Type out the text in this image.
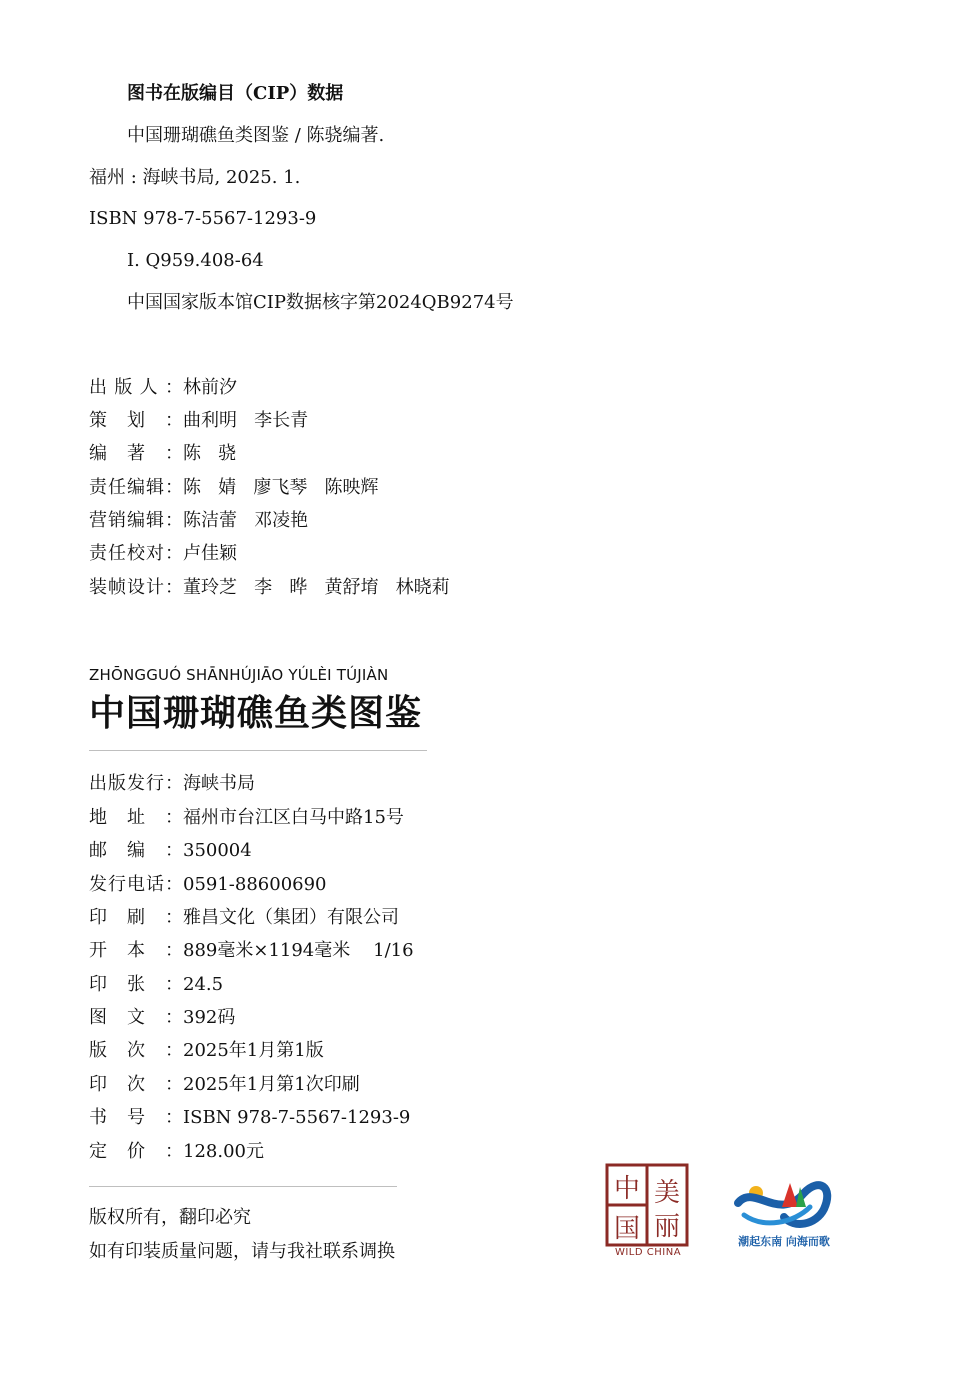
图书在版编目（CIP）数据
中国珊瑚礁鱼类图鉴 / 陈骁编著.
福州 : 海峡书局, 2025. 1.
ISBN 978-7-5567-1293-9
Ⅰ. Q959.408-64
中国国家版本馆CIP数据核字第2024QB9274号
出版人：林前汐
策划：曲利明   李长青
编著：陈   骁
责任编辑：陈   婧   廖飞琴   陈映辉
营销编辑：陈洁蕾   邓凌艳
责任校对：卢佳颖
装帧设计：董玲芝   李   晔   黄舒堉   林晓莉
ZHŌNGGUÓ SHĀNHÚJIĀO YÚLÈI TÚJIÀN
中国珊瑚礁鱼类图鉴
出版发行：海峡书局
地址：福州市台江区白马中路15号
邮编：350004
发行电话：0591-88600690
印刷：雅昌文化（集团）有限公司
开本：889毫米×1194毫米    1/16
印张：24.5
图文：392码
版次：2025年1月第1版
印次：2025年1月第1次印刷
书号：ISBN 978-7-5567-1293-9
定价：128.00元
版权所有，翻印必究
如有印装质量问题，请与我社联系调换
中
国
美
丽
WILD CHINA
潮起东南 向海而歌
